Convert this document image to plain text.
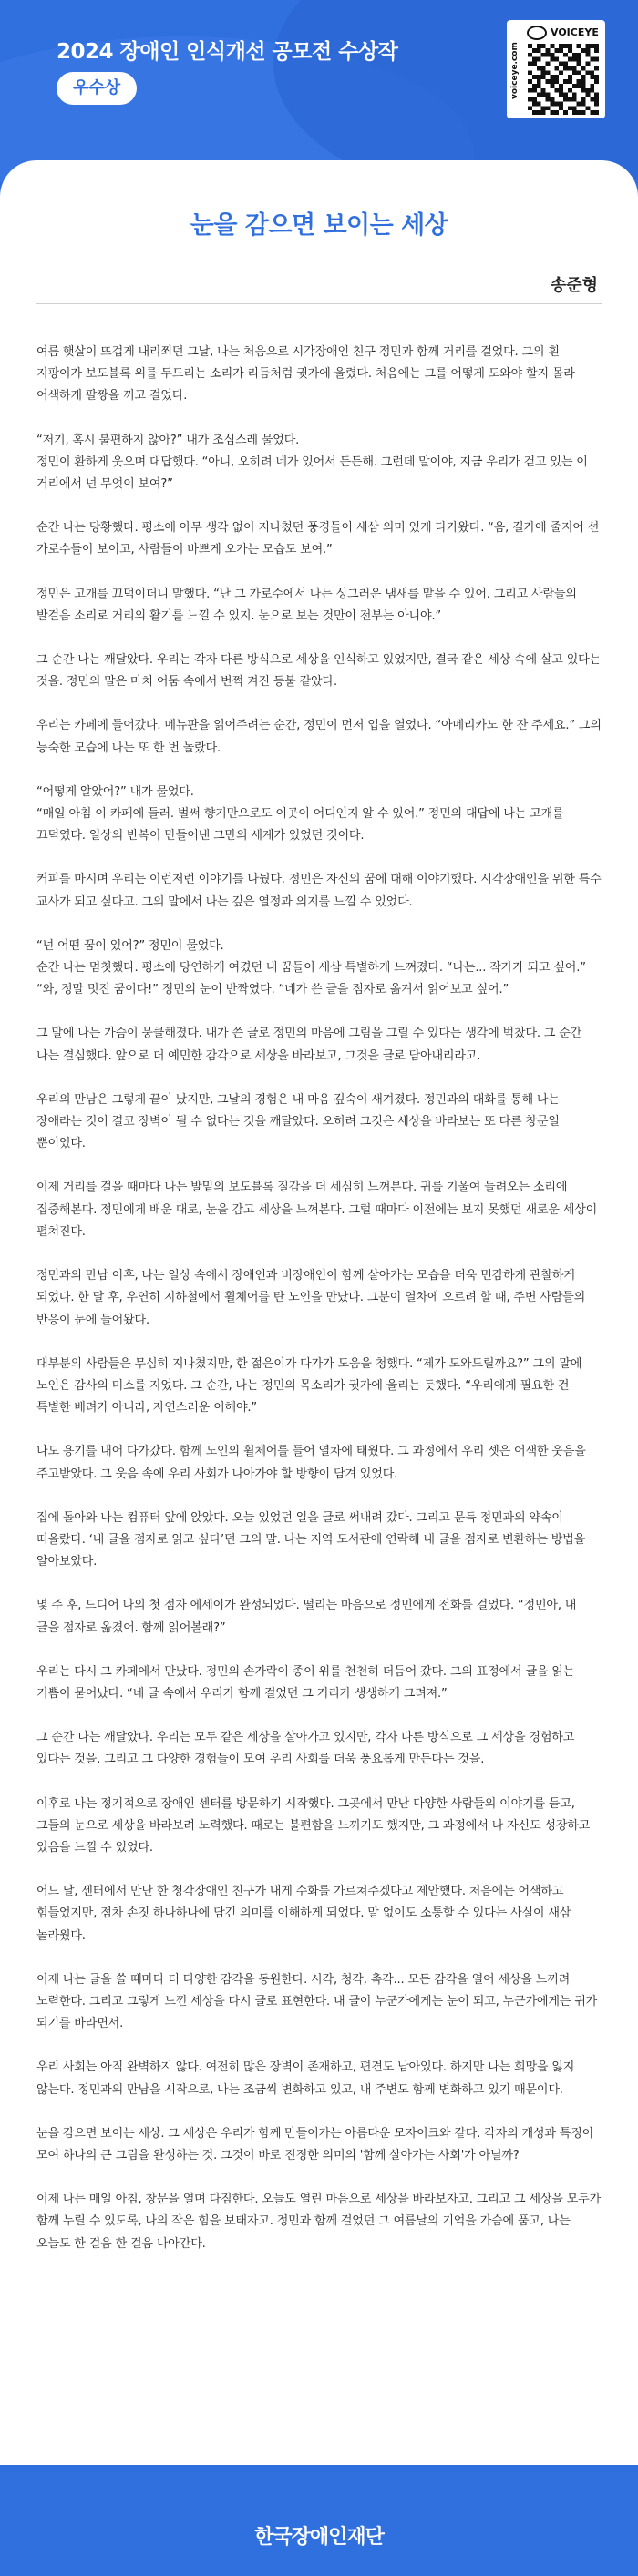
2024 장애인 인식개선 공모전 수상작
우수상	voiceye.com
VOICEYE
눈을 감으면 보이는 세상
송준형

여름 햇살이 뜨겁게 내리쬐던 그날, 나는 처음으로 시각장애인 친구 정민과 함께 거리를 걸었다. 그의 흰 지팡이가 보도블록 위를 두드리는 소리가 리듬처럼 귓가에 울렸다. 처음에는 그를 어떻게 도와야 할지 몰라 어색하게 팔짱을 끼고 걸었다.

“저기, 혹시 불편하지 않아?” 내가 조심스레 물었다.
정민이 환하게 웃으며 대답했다. “아니, 오히려 네가 있어서 든든해. 그런데 말이야, 지금 우리가 걷고 있는 이 거리에서 넌 무엇이 보여?”

순간 나는 당황했다. 평소에 아무 생각 없이 지나쳤던 풍경들이 새삼 의미 있게 다가왔다. “음, 길가에 줄지어 선 가로수들이 보이고, 사람들이 바쁘게 오가는 모습도 보여.”

정민은 고개를 끄덕이더니 말했다. “난 그 가로수에서 나는 싱그러운 냄새를 맡을 수 있어. 그리고 사람들의 발걸음 소리로 거리의 활기를 느낄 수 있지. 눈으로 보는 것만이 전부는 아니야.”

그 순간 나는 깨달았다. 우리는 각자 다른 방식으로 세상을 인식하고 있었지만, 결국 같은 세상 속에 살고 있다는 것을. 정민의 말은 마치 어둠 속에서 번쩍 켜진 등불 같았다.

우리는 카페에 들어갔다. 메뉴판을 읽어주려는 순간, 정민이 먼저 입을 열었다. “아메리카노 한 잔 주세요.” 그의 능숙한 모습에 나는 또 한 번 놀랐다.

“어떻게 알았어?” 내가 물었다.
“매일 아침 이 카페에 들러. 벌써 향기만으로도 이곳이 어디인지 알 수 있어.” 정민의 대답에 나는 고개를 끄덕였다. 일상의 반복이 만들어낸 그만의 세계가 있었던 것이다.

커피를 마시며 우리는 이런저런 이야기를 나눴다. 정민은 자신의 꿈에 대해 이야기했다. 시각장애인을 위한 특수 교사가 되고 싶다고. 그의 말에서 나는 깊은 열정과 의지를 느낄 수 있었다.

“넌 어떤 꿈이 있어?” 정민이 물었다.
순간 나는 멈칫했다. 평소에 당연하게 여겼던 내 꿈들이 새삼 특별하게 느껴졌다. “나는... 작가가 되고 싶어.”
“와, 정말 멋진 꿈이다!” 정민의 눈이 반짝였다. “네가 쓴 글을 점자로 옮겨서 읽어보고 싶어.”

그 말에 나는 가슴이 뭉클해졌다. 내가 쓴 글로 정민의 마음에 그림을 그릴 수 있다는 생각에 벅찼다. 그 순간 나는 결심했다. 앞으로 더 예민한 감각으로 세상을 바라보고, 그것을 글로 담아내리라고.

우리의 만남은 그렇게 끝이 났지만, 그날의 경험은 내 마음 깊숙이 새겨졌다. 정민과의 대화를 통해 나는 장애라는 것이 결코 장벽이 될 수 없다는 것을 깨달았다. 오히려 그것은 세상을 바라보는 또 다른 창문일 뿐이었다.

이제 거리를 걸을 때마다 나는 발밑의 보도블록 질감을 더 세심히 느껴본다. 귀를 기울여 들려오는 소리에 집중해본다. 정민에게 배운 대로, 눈을 감고 세상을 느껴본다. 그럴 때마다 이전에는 보지 못했던 새로운 세상이 펼쳐진다.

정민과의 만남 이후, 나는 일상 속에서 장애인과 비장애인이 함께 살아가는 모습을 더욱 민감하게 관찰하게 되었다. 한 달 후, 우연히 지하철에서 휠체어를 탄 노인을 만났다. 그분이 열차에 오르려 할 때, 주변 사람들의 반응이 눈에 들어왔다.

대부분의 사람들은 무심히 지나쳤지만, 한 젊은이가 다가가 도움을 청했다. “제가 도와드릴까요?” 그의 말에 노인은 감사의 미소를 지었다. 그 순간, 나는 정민의 목소리가 귓가에 울리는 듯했다. “우리에게 필요한 건 특별한 배려가 아니라, 자연스러운 이해야.”

나도 용기를 내어 다가갔다. 함께 노인의 휠체어를 들어 열차에 태웠다. 그 과정에서 우리 셋은 어색한 웃음을 주고받았다. 그 웃음 속에 우리 사회가 나아가야 할 방향이 담겨 있었다.

집에 돌아와 나는 컴퓨터 앞에 앉았다. 오늘 있었던 일을 글로 써내려 갔다. 그리고 문득 정민과의 약속이 떠올랐다. ‘내 글을 점자로 읽고 싶다’던 그의 말. 나는 지역 도서관에 연락해 내 글을 점자로 변환하는 방법을 알아보았다.

몇 주 후, 드디어 나의 첫 점자 에세이가 완성되었다. 떨리는 마음으로 정민에게 전화를 걸었다. “정민아, 내 글을 점자로 옮겼어. 함께 읽어볼래?”

우리는 다시 그 카페에서 만났다. 정민의 손가락이 종이 위를 천천히 더듬어 갔다. 그의 표정에서 글을 읽는 기쁨이 묻어났다. “네 글 속에서 우리가 함께 걸었던 그 거리가 생생하게 그려져.”

그 순간 나는 깨달았다. 우리는 모두 같은 세상을 살아가고 있지만, 각자 다른 방식으로 그 세상을 경험하고 있다는 것을. 그리고 그 다양한 경험들이 모여 우리 사회를 더욱 풍요롭게 만든다는 것을.

이후로 나는 정기적으로 장애인 센터를 방문하기 시작했다. 그곳에서 만난 다양한 사람들의 이야기를 듣고, 그들의 눈으로 세상을 바라보려 노력했다. 때로는 불편함을 느끼기도 했지만, 그 과정에서 나 자신도 성장하고 있음을 느낄 수 있었다.

어느 날, 센터에서 만난 한 청각장애인 친구가 내게 수화를 가르쳐주겠다고 제안했다. 처음에는 어색하고 힘들었지만, 점차 손짓 하나하나에 담긴 의미를 이해하게 되었다. 말 없이도 소통할 수 있다는 사실이 새삼 놀라웠다.

이제 나는 글을 쓸 때마다 더 다양한 감각을 동원한다. 시각, 청각, 촉각... 모든 감각을 열어 세상을 느끼려 노력한다. 그리고 그렇게 느낀 세상을 다시 글로 표현한다. 내 글이 누군가에게는 눈이 되고, 누군가에게는 귀가 되기를 바라면서.

우리 사회는 아직 완벽하지 않다. 여전히 많은 장벽이 존재하고, 편견도 남아있다. 하지만 나는 희망을 잃지 않는다. 정민과의 만남을 시작으로, 나는 조금씩 변화하고 있고, 내 주변도 함께 변화하고 있기 때문이다.

눈을 감으면 보이는 세상. 그 세상은 우리가 함께 만들어가는 아름다운 모자이크와 같다. 각자의 개성과 특징이 모여 하나의 큰 그림을 완성하는 것. 그것이 바로 진정한 의미의 '함께 살아가는 사회'가 아닐까?

이제 나는 매일 아침, 창문을 열며 다짐한다. 오늘도 열린 마음으로 세상을 바라보자고. 그리고 그 세상을 모두가 함께 누릴 수 있도록, 나의 작은 힘을 보태자고. 정민과 함께 걸었던 그 여름날의 기억을 가슴에 품고, 나는 오늘도 한 걸음 한 걸음 나아간다.

한국장애인재단
